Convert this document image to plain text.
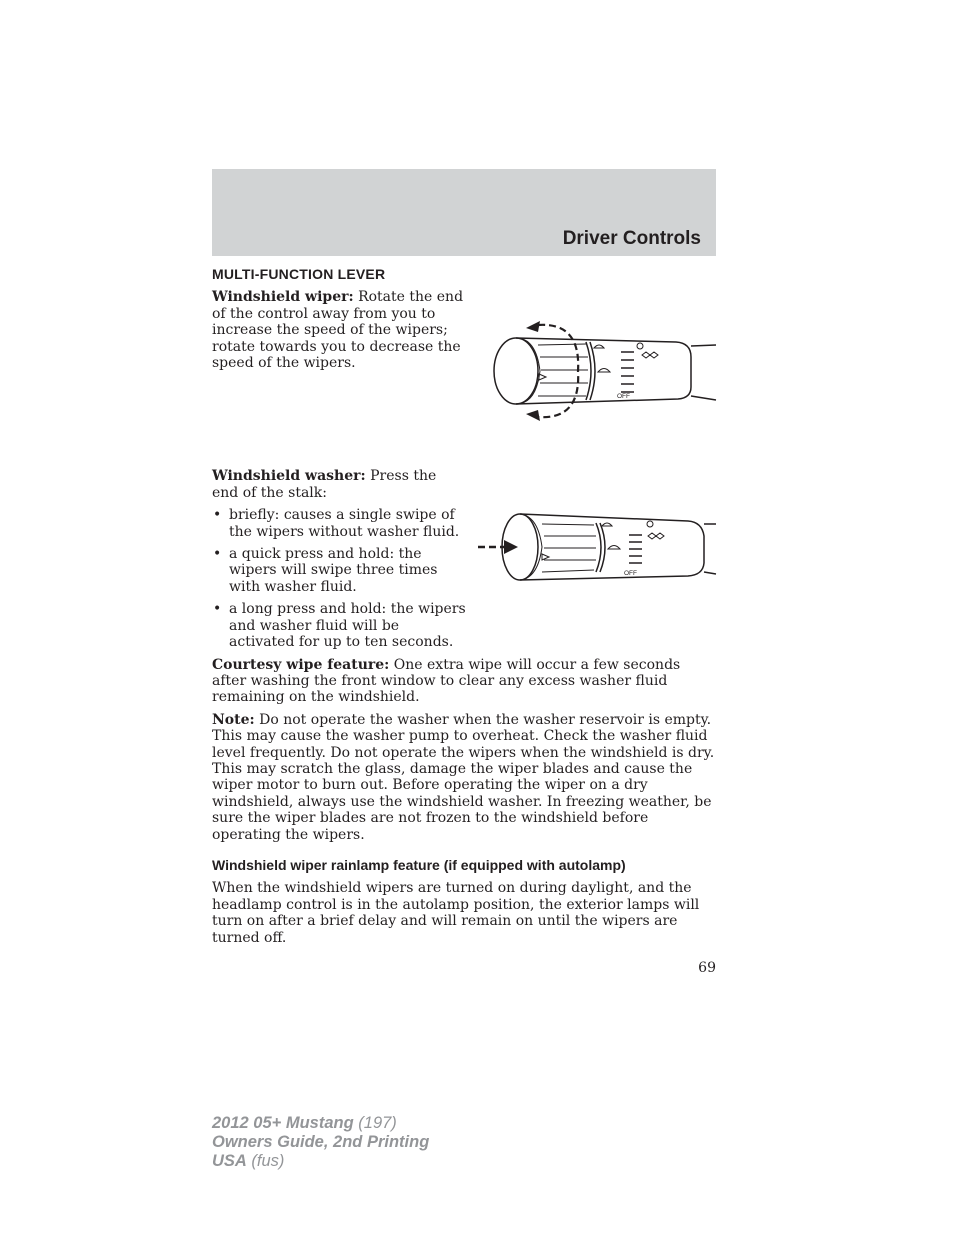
Driver Controls
MULTI-FUNCTION LEVER

Windshield wiper: Rotate the end of the control away from you to increase the speed of the wipers; rotate towards you to decrease the speed of the wipers.

Windshield washer: Press the end of the stalk:

• briefly: causes a single swipe of the wipers without washer fluid.
• a quick press and hold: the wipers will swipe three times with washer fluid.
• a long press and hold: the wipers and washer fluid will be activated for up to ten seconds.

Courtesy wipe feature: One extra wipe will occur a few seconds after washing the front window to clear any excess washer fluid remaining on the windshield.

Note: Do not operate the washer when the washer reservoir is empty. This may cause the washer pump to overheat. Check the washer fluid level frequently. Do not operate the wipers when the windshield is dry. This may scratch the glass, damage the wiper blades and cause the wiper motor to burn out. Before operating the wiper on a dry windshield, always use the windshield washer. In freezing weather, be sure the wiper blades are not frozen to the windshield before operating the wipers.

Windshield wiper rainlamp feature (if equipped with autolamp)

When the windshield wipers are turned on during daylight, and the headlamp control is in the autolamp position, the exterior lamps will turn on after a brief delay and will remain on until the wipers are turned off.

OFF
OFF
69
2012 05+ Mustang (197)
Owners Guide, 2nd Printing
USA (fus)
